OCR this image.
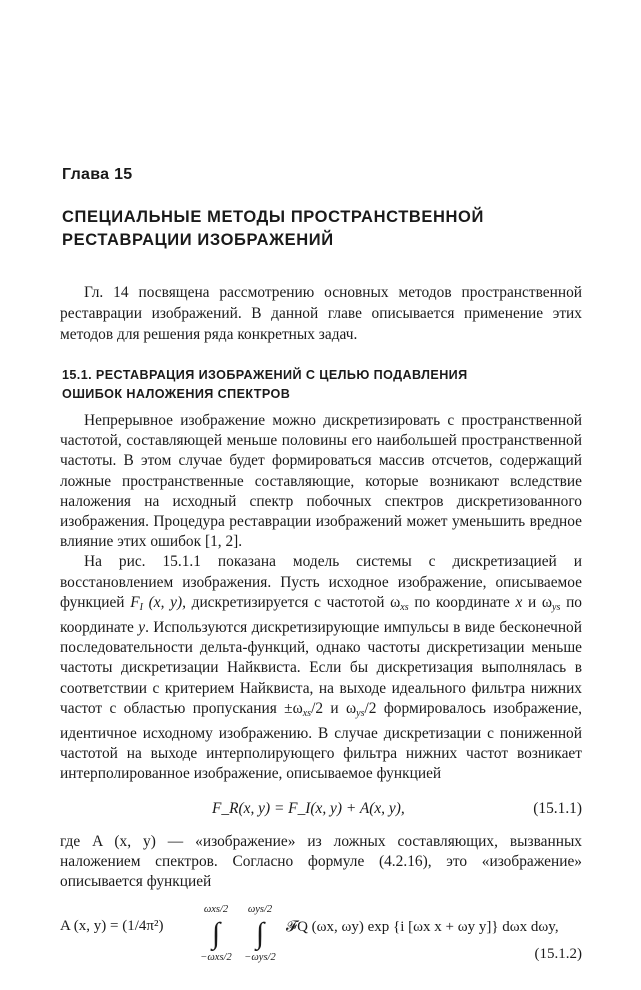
Глава 15
СПЕЦИАЛЬНЫЕ МЕТОДЫ ПРОСТРАНСТВЕННОЙ
РЕСТАВРАЦИИ ИЗОБРАЖЕНИЙ
Гл. 14 посвящена рассмотрению основных методов пространственной реставрации изображений. В данной главе описывается применение этих методов для решения ряда конкретных задач.
15.1. РЕСТАВРАЦИЯ ИЗОБРАЖЕНИЙ С ЦЕЛЬЮ ПОДАВЛЕНИЯ
ОШИБОК НАЛОЖЕНИЯ СПЕКТРОВ

Непрерывное изображение можно дискретизировать с пространственной частотой, составляющей меньше половины его наибольшей пространственной частоты. В этом случае будет формироваться массив отсчетов, содержащий ложные пространственные составляющие, которые возникают вследствие наложения на исходный спектр побочных спектров дискретизованного изображения. Процедура реставрации изображений может уменьшить вредное влияние этих ошибок [1, 2].

На рис. 15.1.1 показана модель системы с дискретизацией и восстановлением изображения. Пусть исходное изображение, описываемое функцией $F_I$ (x, y), дискретизируется с частотой $\omega_{xs}$ по координате x и $\omega_{ys}$ по координате y. Используются дискретизирующие импульсы в виде бесконечной последовательности дельта-функций, однако частоты дискретизации меньше частоты дискретизации Найквиста. Если бы дискретизация выполнялась в соответствии с критерием Найквиста, на выходе идеального фильтра нижних частот с областью пропускания $\pm\omega_{xs}/2$ и $\omega_{ys}/2$ формировалось изображение, идентичное исходному изображению. В случае дискретизации с пониженной частотой на выходе интерполирующего фильтра нижних частот возникает интерполированное изображение, описываемое функцией

F_R(x, y) = F_I(x, y) + A(x, y),	(15.1.1)
где A (x, y) — «изображение» из ложных составляющих, вызванных наложением спектров. Согласно формуле (4.2.16), это «изображение» описывается функцией
A (x, y) = (1/4π²)
ωxs/2
∫
−ωxs/2
ωys/2
∫
−ωys/2
𝓕Q (ωx, ωy) exp {i [ωx x + ωy y]} dωx dωy,
(15.1.2)
